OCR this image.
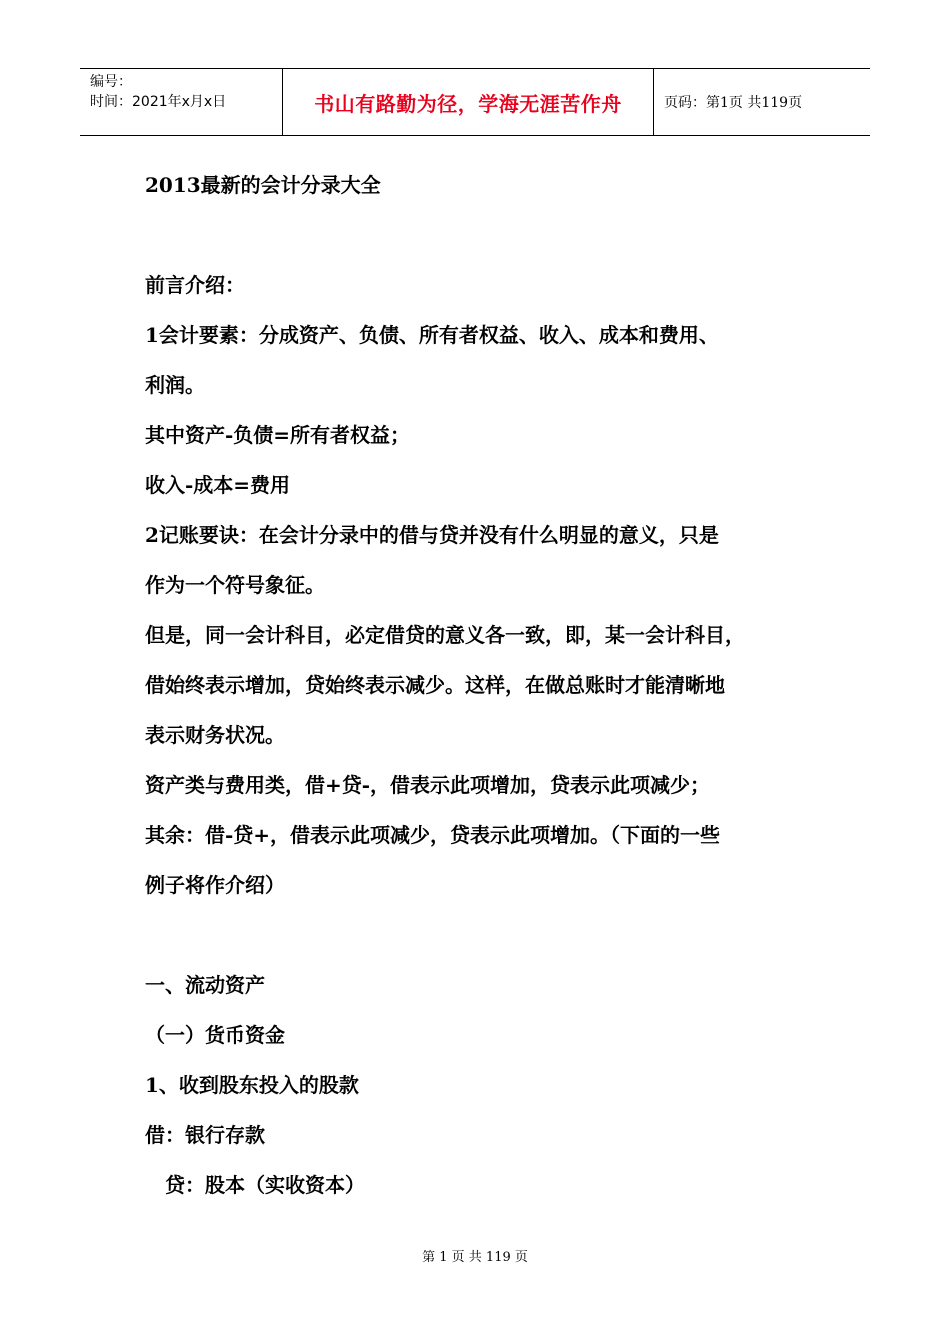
编号：
时间：2021年x月x日	书山有路勤为径，学海无涯苦作舟	页码：第1页 共119页
2013最新的会计分录大全
前言介绍：
1会计要素：分成资产、负债、所有者权益、收入、成本和费用、
利润。
其中资产-负债=所有者权益；
收入-成本=费用
2记账要诀：在会计分录中的借与贷并没有什么明显的意义，只是
作为一个符号象征。
但是，同一会计科目，必定借贷的意义各一致，即，某一会计科目，
借始终表示增加，贷始终表示减少。这样，在做总账时才能清晰地
表示财务状况。
资产类与费用类，借+贷-，借表示此项增加，贷表示此项减少；
其余：借-贷+，借表示此项减少，贷表示此项增加。（下面的一些
例子将作介绍）
一、流动资产
（一）货币资金
1、收到股东投入的股款
借：银行存款
贷：股本（实收资本）
第 1 页 共 119 页
